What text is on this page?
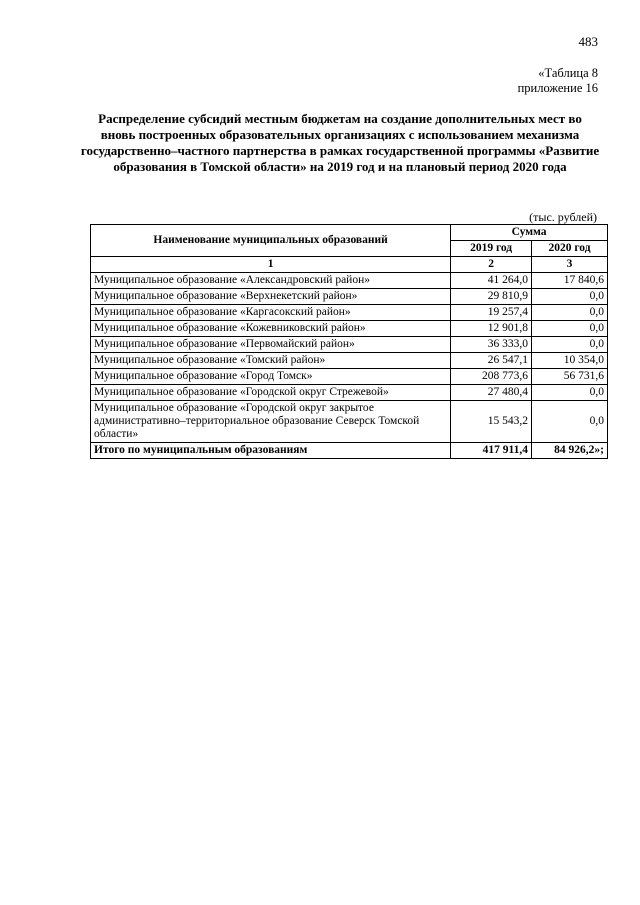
483
«Таблица 8
приложение 16
Распределение субсидий местным бюджетам на создание дополнительных мест во вновь построенных образовательных организациях с использованием механизма государственно–частного партнерства в рамках государственной программы «Развитие образования в Томской области» на 2019 год и на плановый период 2020 года
(тыс. рублей)
Наименование муниципальных образований	Сумма	
	2019 год	2020 год
1	2	3
Муниципальное образование «Александровский район»	41 264,0	17 840,6
Муниципальное образование «Верхнекетский район»	29 810,9	0,0
Муниципальное образование «Каргасокский район»	19 257,4	0,0
Муниципальное образование «Кожевниковский район»	12 901,8	0,0
Муниципальное образование «Первомайский район»	36 333,0	0,0
Муниципальное образование «Томский район»	26 547,1	10 354,0
Муниципальное образование «Город Томск»	208 773,6	56 731,6
Муниципальное образование «Городской округ Стрежевой»	27 480,4	0,0
Муниципальное образование «Городской округ закрытое административно–территориальное образование Северск Томской области»	15 543,2	0,0
Итого по муниципальным образованиям	417 911,4	84 926,2»;
